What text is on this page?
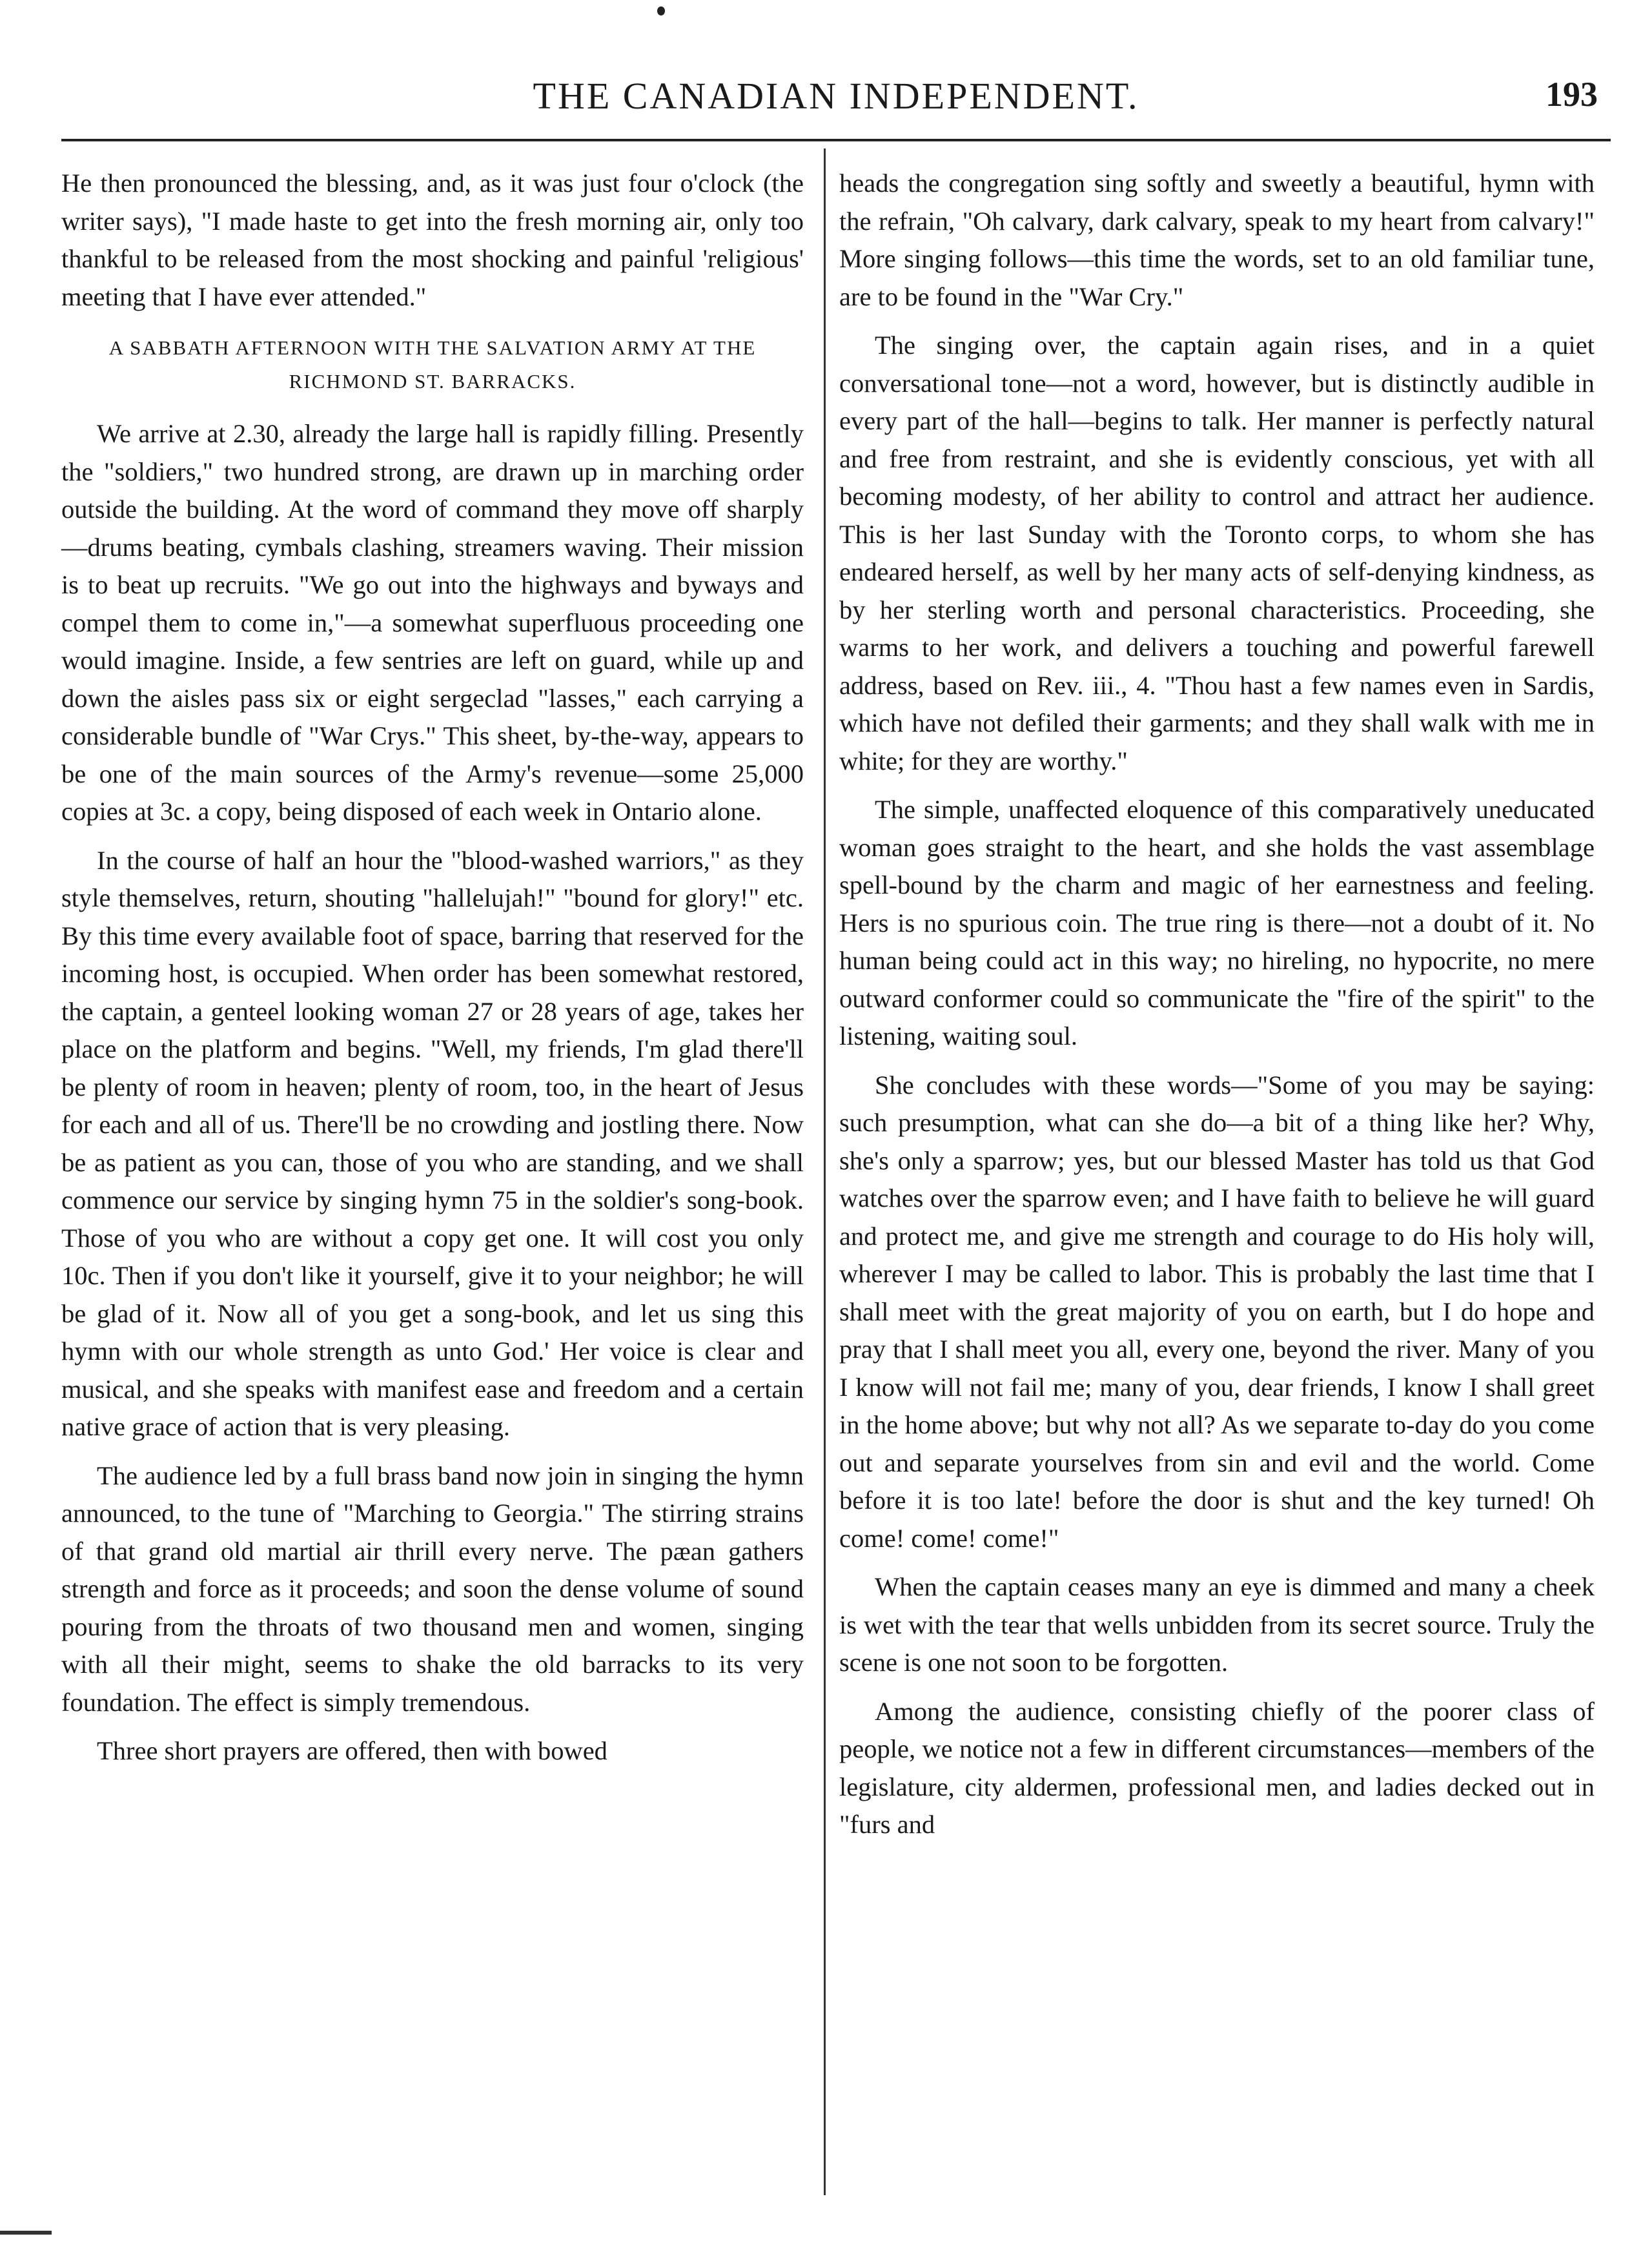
THE CANADIAN INDEPENDENT.	193

He then pronounced the blessing, and, as it was just four o'clock (the writer says), "I made haste to get into the fresh morning air, only too thankful to be released from the most shocking and painful 'religious' meeting that I have ever attended."

A SABBATH AFTERNOON WITH THE SALVATION ARMY AT THE RICHMOND ST. BARRACKS.

We arrive at 2.30, already the large hall is rapidly filling. Presently the "soldiers," two hundred strong, are drawn up in marching order outside the building. At the word of command they move off sharply—drums beating, cymbals clashing, streamers waving. Their mission is to beat up recruits. "We go out into the highways and byways and compel them to come in,"—a somewhat superfluous proceeding one would imagine. Inside, a few sentries are left on guard, while up and down the aisles pass six or eight sergeclad "lasses," each carrying a considerable bundle of "War Crys." This sheet, by-the-way, appears to be one of the main sources of the Army's revenue—some 25,000 copies at 3c. a copy, being disposed of each week in Ontario alone.

In the course of half an hour the "blood-washed warriors," as they style themselves, return, shouting "hallelujah!" "bound for glory!" etc. By this time every available foot of space, barring that reserved for the incoming host, is occupied. When order has been somewhat restored, the captain, a genteel looking woman 27 or 28 years of age, takes her place on the platform and begins. "Well, my friends, I'm glad there'll be plenty of room in heaven; plenty of room, too, in the heart of Jesus for each and all of us. There'll be no crowding and jostling there. Now be as patient as you can, those of you who are standing, and we shall commence our service by singing hymn 75 in the soldier's song-book. Those of you who are without a copy get one. It will cost you only 10c. Then if you don't like it yourself, give it to your neighbor; he will be glad of it. Now all of you get a song-book, and let us sing this hymn with our whole strength as unto God.' Her voice is clear and musical, and she speaks with manifest ease and freedom and a certain native grace of action that is very pleasing.

The audience led by a full brass band now join in singing the hymn announced, to the tune of "Marching to Georgia." The stirring strains of that grand old martial air thrill every nerve. The pæan gathers strength and force as it proceeds; and soon the dense volume of sound pouring from the throats of two thousand men and women, singing with all their might, seems to shake the old barracks to its very foundation. The effect is simply tremendous.

Three short prayers are offered, then with bowed

heads the congregation sing softly and sweetly a beautiful, hymn with the refrain, "Oh calvary, dark calvary, speak to my heart from calvary!" More singing follows—this time the words, set to an old familiar tune, are to be found in the "War Cry."

The singing over, the captain again rises, and in a quiet conversational tone—not a word, however, but is distinctly audible in every part of the hall—begins to talk. Her manner is perfectly natural and free from restraint, and she is evidently conscious, yet with all becoming modesty, of her ability to control and attract her audience. This is her last Sunday with the Toronto corps, to whom she has endeared herself, as well by her many acts of self-denying kindness, as by her sterling worth and personal characteristics. Proceeding, she warms to her work, and delivers a touching and powerful farewell address, based on Rev. iii., 4. "Thou hast a few names even in Sardis, which have not defiled their garments; and they shall walk with me in white; for they are worthy."

The simple, unaffected eloquence of this comparatively uneducated woman goes straight to the heart, and she holds the vast assemblage spell-bound by the charm and magic of her earnestness and feeling. Hers is no spurious coin. The true ring is there—not a doubt of it. No human being could act in this way; no hireling, no hypocrite, no mere outward conformer could so communicate the "fire of the spirit" to the listening, waiting soul.

She concludes with these words—"Some of you may be saying: such presumption, what can she do—a bit of a thing like her? Why, she's only a sparrow; yes, but our blessed Master has told us that God watches over the sparrow even; and I have faith to believe he will guard and protect me, and give me strength and courage to do His holy will, wherever I may be called to labor. This is probably the last time that I shall meet with the great majority of you on earth, but I do hope and pray that I shall meet you all, every one, beyond the river. Many of you I know will not fail me; many of you, dear friends, I know I shall greet in the home above; but why not all? As we separate to-day do you come out and separate yourselves from sin and evil and the world. Come before it is too late! before the door is shut and the key turned! Oh come! come! come!"

When the captain ceases many an eye is dimmed and many a cheek is wet with the tear that wells unbidden from its secret source. Truly the scene is one not soon to be forgotten.

Among the audience, consisting chiefly of the poorer class of people, we notice not a few in different circumstances—members of the legislature, city aldermen, professional men, and ladies decked out in "furs and
